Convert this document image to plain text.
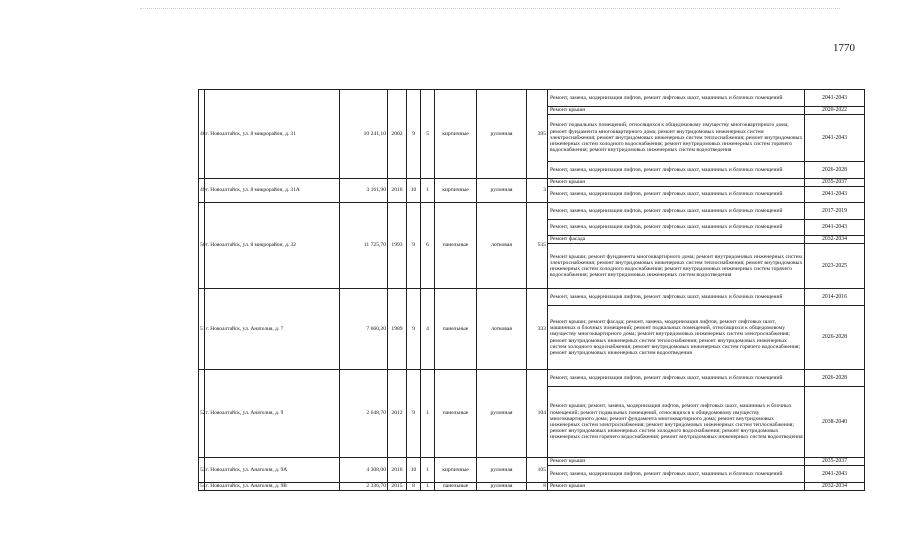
1770
48	г. Новоалтайск, ул. 8 микрорайон, д. 31	10 241,10	2002	9	5	кирпичные	рулонная	395	Ремонт, замена, модернизация лифтов, ремонт лифтовых шахт, машинных и блочных помещений	2041-2043
									Ремонт крыши	2020-2022
									Ремонт подвальных помещений, относящихся к общедомовому имуществу многоквартирного дома; ремонт фундамента многоквартирного дома; ремонт внутридомовых инженерных систем электроснабжения; ремонт внутридомовых инженерных систем теплоснабжения; ремонт внутридомовых инженерных систем холодного водоснабжения; ремонт внутридомовых инженерных систем горячего водоснабжения; ремонт внутридомовых инженерных систем водоотведения	2041-2043
									Ремонт, замена, модернизация лифтов, ремонт лифтовых шахт, машинных и блочных помещений	2026-2028
49	г. Новоалтайск, ул. 8 микрорайон, д. 31А	3 161,90	2016	10	1	кирпичные	рулонная	3	Ремонт крыши	2035-2037
									Ремонт, замена, модернизация лифтов, ремонт лифтовых шахт, машинных и блочных помещений	2041-2043
50	г. Новоалтайск, ул. 8 микрорайон, д. 32	11 725,70	1993	9	6	панельные	лотковая	535	Ремонт, замена, модернизация лифтов, ремонт лифтовых шахт, машинных и блочных помещений	2017-2019
									Ремонт, замена, модернизация лифтов, ремонт лифтовых шахт, машинных и блочных помещений	2041-2043
									Ремонт фасада	2032-2034
									Ремонт крыши; ремонт фундамента многоквартирного дома; ремонт внутридомовых инженерных систем электроснабжения; ремонт внутридомовых инженерных систем теплоснабжения; ремонт внутридомовых инженерных систем холодного водоснабжения; ремонт внутридомовых инженерных систем горячего водоснабжения; ремонт внутридомовых инженерных систем водоотведения	2023-2025
51	г. Новоалтайск, ул. Анатолия, д. 7	7 660,20	1989	9	4	панельные	лотковая	333	Ремонт, замена, модернизация лифтов, ремонт лифтовых шахт, машинных и блочных помещений	2014-2016
									Ремонт крыши; ремонт фасада; ремонт, замена, модернизация лифтов, ремонт лифтовых шахт, машинных и блочных помещений; ремонт подвальных помещений, относящихся к общедомовому имуществу многоквартирного дома; ремонт внутридомовых инженерных систем электроснабжения; ремонт внутридомовых инженерных систем теплоснабжения; ремонт внутридомовых инженерных систем холодного водоснабжения; ремонт внутридомовых инженерных систем горячего водоснабжения; ремонт внутридомовых инженерных систем водоотведения	2026-2028
52	г. Новоалтайск, ул. Анатолия, д. 9	2 648,70	2012	9	1	панельные	рулонная	104	Ремонт, замена, модернизация лифтов, ремонт лифтовых шахт, машинных и блочных помещений	2026-2028
									Ремонт крыши; ремонт, замена, модернизация лифтов, ремонт лифтовых шахт, машинных и блочных помещений; ремонт подвальных помещений, относящихся к общедомовому имуществу многоквартирного дома; ремонт фундамента многоквартирного дома; ремонт внутридомовых инженерных систем электроснабжения; ремонт внутридомовых инженерных систем теплоснабжения; ремонт внутридомовых инженерных систем холодного водоснабжения; ремонт внутридомовых инженерных систем горячего водоснабжения; ремонт внутридомовых инженерных систем водоотведения	2038-2040
53	г. Новоалтайск, ул. Анатолия, д. 9А	4 308,00	2016	10	1	кирпичные	рулонная	105	Ремонт крыши	2035-2037
									Ремонт, замена, модернизация лифтов, ремонт лифтовых шахт, машинных и блочных помещений	2041-2043
54	г. Новоалтайск, ул. Анатолия, д. 9В	2 336,70	2015	8	1	панельные	рулонная	8	Ремонт крыши	2032-2034
